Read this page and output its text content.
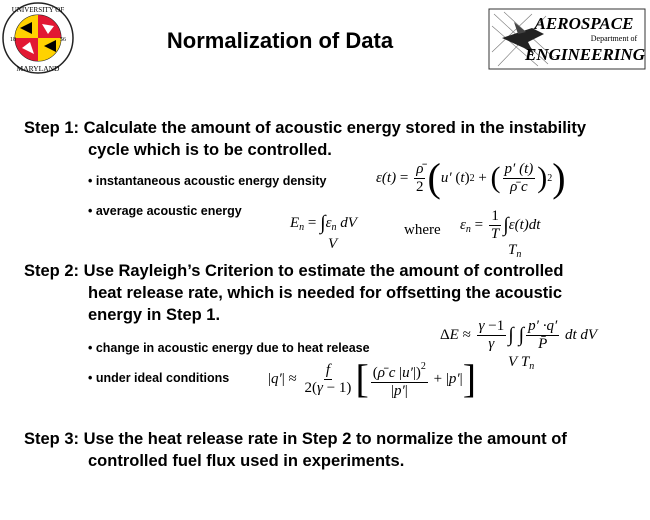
UNIVERSITY OF
MARYLAND
18	56	Normalization of Data
AEROSPACE
Department of
ENGINEERING
Step 1: Calculate the amount of acoustic energy stored in the instability
cycle which is to be controlled.
• instantaneous acoustic energy density	$\varepsilon(t) = \frac{\rhō}{2}$ ( u′ ( t ) 2 + ( $\frac{p' (t)}{\rhō c}$ ) 2 )
• average acoustic energy
$E_n = \int\varepsilon_n$ dV
V
where $\varepsilon_n = \frac{1}{T}$ ∫ ε(t)dt
$T_n$
Step 2: Use Rayleigh’s Criterion to estimate the amount of controlled
heat release rate, which is needed for offsetting the acoustic
energy in Step 1.
• change in acoustic energy due to heat release
Δ $E \approx \frac{\gamma -1}{\gamma}$ ∫ ∫ $\frac{p' \cdot q'}{P̄}$ dt dV
V $T_n$
• under ideal conditions	| q′ | ≈ $\frac{f}{2(\gamma - 1)}$ [ $\frac{(\rhō c |u'|)^2}{|p'|}$ + | p′ | ]
Step 3: Use the heat release rate in Step 2 to normalize the amount of
controlled fuel flux used in experiments.
